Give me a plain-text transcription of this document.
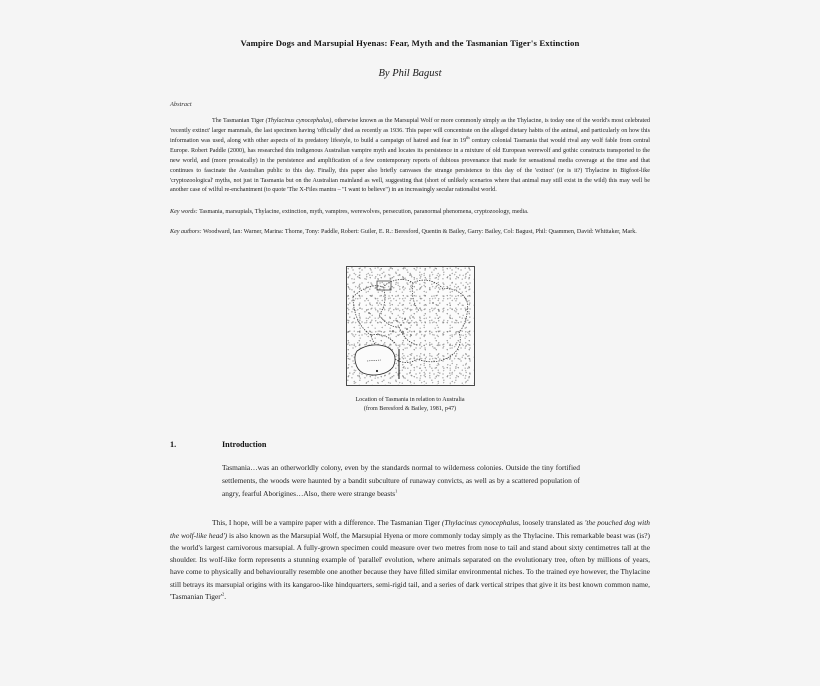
Vampire Dogs and Marsupial Hyenas: Fear, Myth and the Tasmanian Tiger's Extinction
By Phil Bagust
Abstract
The Tasmanian Tiger (Thylacinus cynocephalus), otherwise known as the Marsupial Wolf or more commonly simply as the Thylacine, is today one of the world's most celebrated 'recently extinct' larger mammals, the last specimen having 'officially' died as recently as 1936. This paper will concentrate on the alleged dietary habits of the animal, and particularly on how this information was used, along with other aspects of its predatory lifestyle, to build a campaign of hatred and fear in 19th century colonial Tasmania that would rival any wolf fable from central Europe. Robert Paddle (2000), has researched this indigenous Australian vampire myth and locates its persistence in a mixture of old European werewolf and gothic constructs transported to the new world, and (more prosaically) in the persistence and amplification of a few contemporary reports of dubious provenance that made for sensational media coverage at the time and that continues to fascinate the Australian public to this day. Finally, this paper also briefly canvases the strange persistence to this day of the 'extinct' (or is it?) Thylacine in Bigfoot-like 'cryptozoological' myths, not just in Tasmania but on the Australian mainland as well, suggesting that (short of unlikely scenarios where that animal may still exist in the wild) this may well be another case of wilful re-enchantment (to quote 'The X-Files mantra – "I want to believe") in an increasingly secular rationalist world.
Key words: Tasmania, marsupials, Thylacine, extinction, myth, vampires, werewolves, persecution, paranormal phenomena, cryptozoology, media.
Key authors: Woodward, Ian: Warner, Marina: Thorne, Tony: Paddle, Robert: Guiler, E. R.: Beresford, Quentin & Bailey, Garry: Bailey, Col: Bagust, Phil: Quammen, David: Whittaker, Mark.
Location of Tasmania in relation to Australia
(from Beresford & Bailey, 1981, p47)
1.	Introduction
Tasmania…was an otherworldly colony, even by the standards normal to wilderness colonies. Outside the tiny fortified settlements, the woods were haunted by a bandit subculture of runaway convicts, as well as by a scattered population of angry, fearful Aborigines…Also, there were strange beasts$^1$
This, I hope, will be a vampire paper with a difference. The Tasmanian Tiger (Thylacinus cynocephalus, loosely translated as 'the pouched dog with the wolf-like head') is also known as the Marsupial Wolf, the Marsupial Hyena or more commonly today simply as the Thylacine. This remarkable beast was (is?) the world's largest carnivorous marsupial. A fully-grown specimen could measure over two metres from nose to tail and stand about sixty centimetres tall at the shoulder. Its wolf-like form represents a stunning example of 'parallel' evolution, where animals separated on the evolutionary tree, often by millions of years, have come to physically and behaviourally resemble one another because they have filled similar environmental niches. To the trained eye however, the Thylacine still betrays its marsupial origins with its kangaroo-like hindquarters, semi-rigid tail, and a series of dark vertical stripes that give it its best known common name, 'Tasmanian $Tiger'^2$.
